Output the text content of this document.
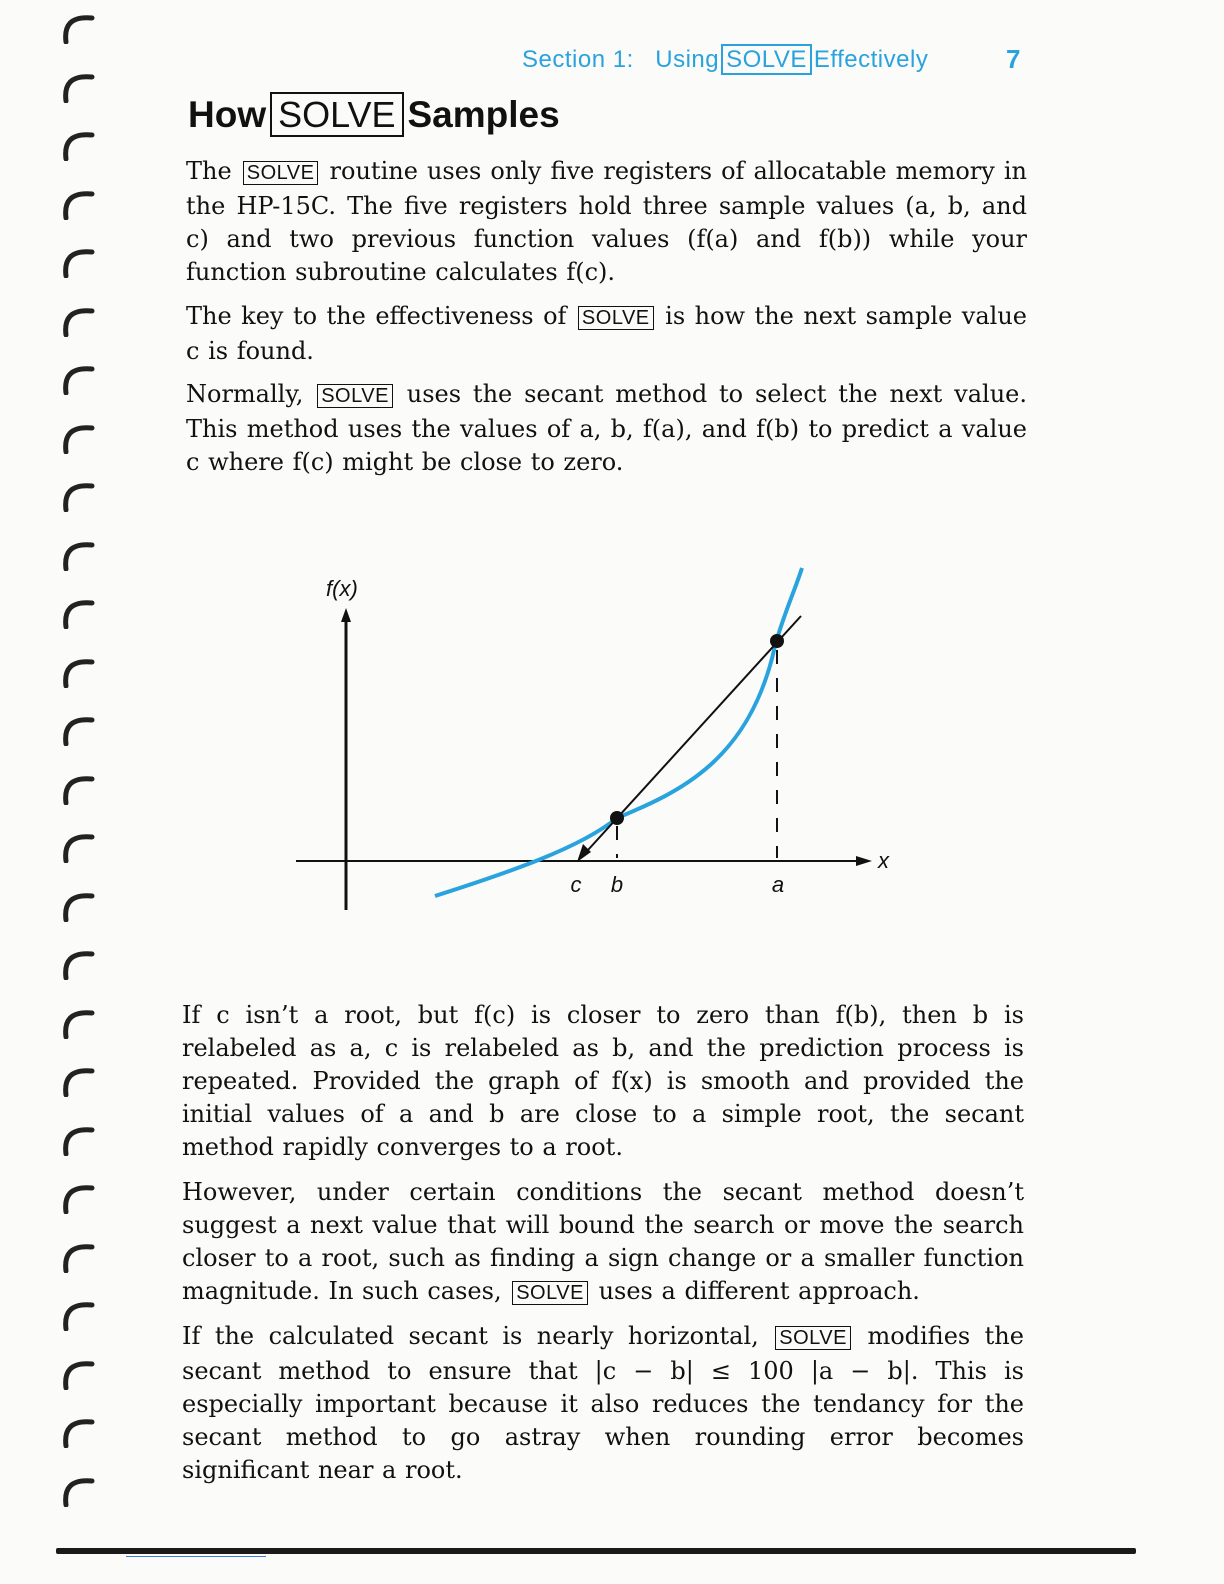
Section 1: Using SOLVE Effectively	7
How SOLVE Samples

The SOLVE routine uses only five registers of allocatable memory in the HP-15C. The five registers hold three sample values (a, b, and c) and two previous function values (f(a) and f(b)) while your function subroutine calculates f(c).

The key to the effectiveness of SOLVE is how the next sample value c is found.

Normally, SOLVE uses the secant method to select the next value. This method uses the values of a, b, f(a), and f(b) to predict a value c where f(c) might be close to zero.

f(x)
x
c b	a

If c isn’t a root, but f(c) is closer to zero than f(b), then b is relabeled as a, c is relabeled as b, and the prediction process is repeated. Provided the graph of f(x) is smooth and provided the initial values of a and b are close to a simple root, the secant method rapidly converges to a root.

However, under certain conditions the secant method doesn’t suggest a next value that will bound the search or move the search closer to a root, such as finding a sign change or a smaller function magnitude. In such cases, SOLVE uses a different approach.

If the calculated secant is nearly horizontal, SOLVE modifies the secant method to ensure that |c − b| ≤ 100 |a − b|. This is especially important because it also reduces the tendancy for the secant method to go astray when rounding error becomes significant near a root.
